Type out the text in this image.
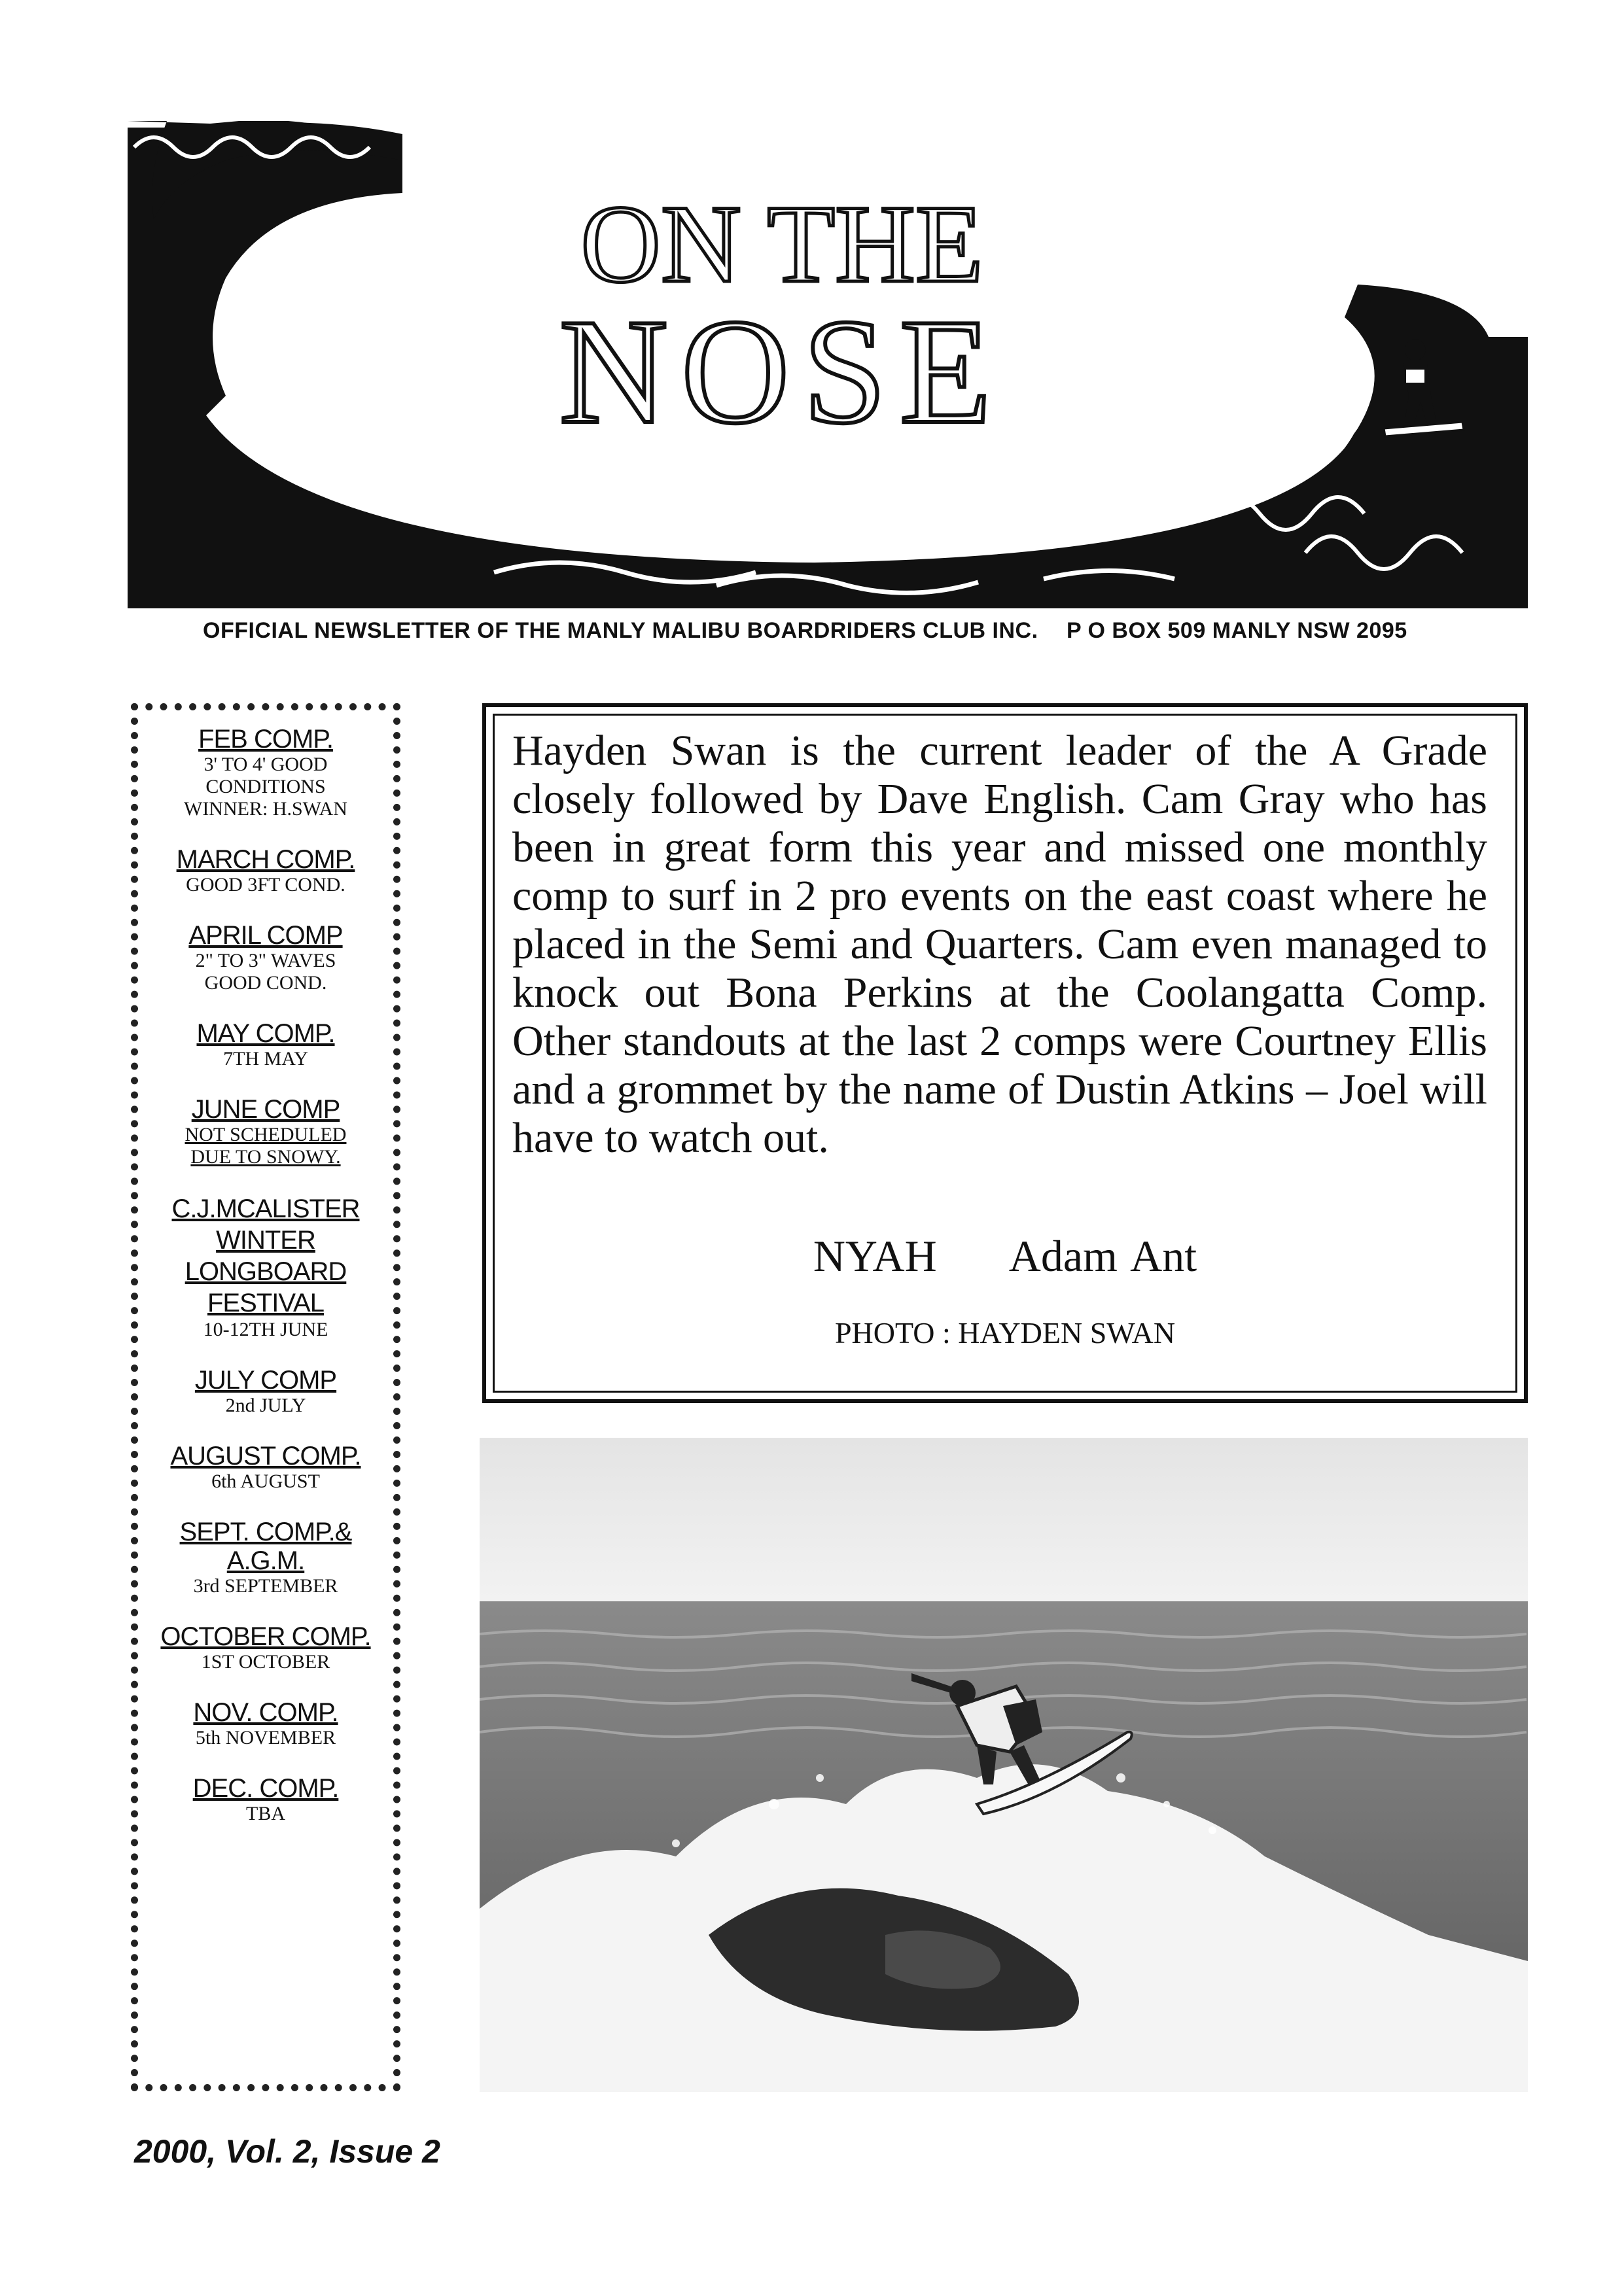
ON THE
NOSE
OFFICIAL NEWSLETTER OF THE MANLY MALIBU BOARDRIDERS CLUB INC. P O BOX 509 MANLY NSW 2095
FEB COMP.
3' TO 4' GOOD
CONDITIONS
WINNER: H.SWAN
MARCH COMP.
GOOD 3FT COND.
APRIL COMP
2" TO 3" WAVES
GOOD COND.
MAY COMP.
7TH MAY
JUNE COMP
NOT SCHEDULED
DUE TO SNOWY.
C.J.MCALISTER
WINTER
LONGBOARD
FESTIVAL
10-12TH JUNE
JULY COMP
2nd JULY
AUGUST COMP.
6th AUGUST
SEPT. COMP.&
A.G.M.
3rd SEPTEMBER
OCTOBER COMP.
1ST OCTOBER
NOV. COMP.
5th NOVEMBER
DEC. COMP.
TBA
Hayden Swan is the current leader of the A Grade closely followed by Dave English. Cam Gray who has been in great form this year and missed one monthly comp to surf in 2 pro events on the east coast where he placed in the Semi and Quarters. Cam even managed to knock out Bona Perkins at the Coolangatta Comp. Other standouts at the last 2 comps were Courtney Ellis and a grommet by the name of Dustin Atkins – Joel will have to watch out.
NYAH Adam Ant
PHOTO : HAYDEN SWAN
2000, Vol. 2, Issue 2
